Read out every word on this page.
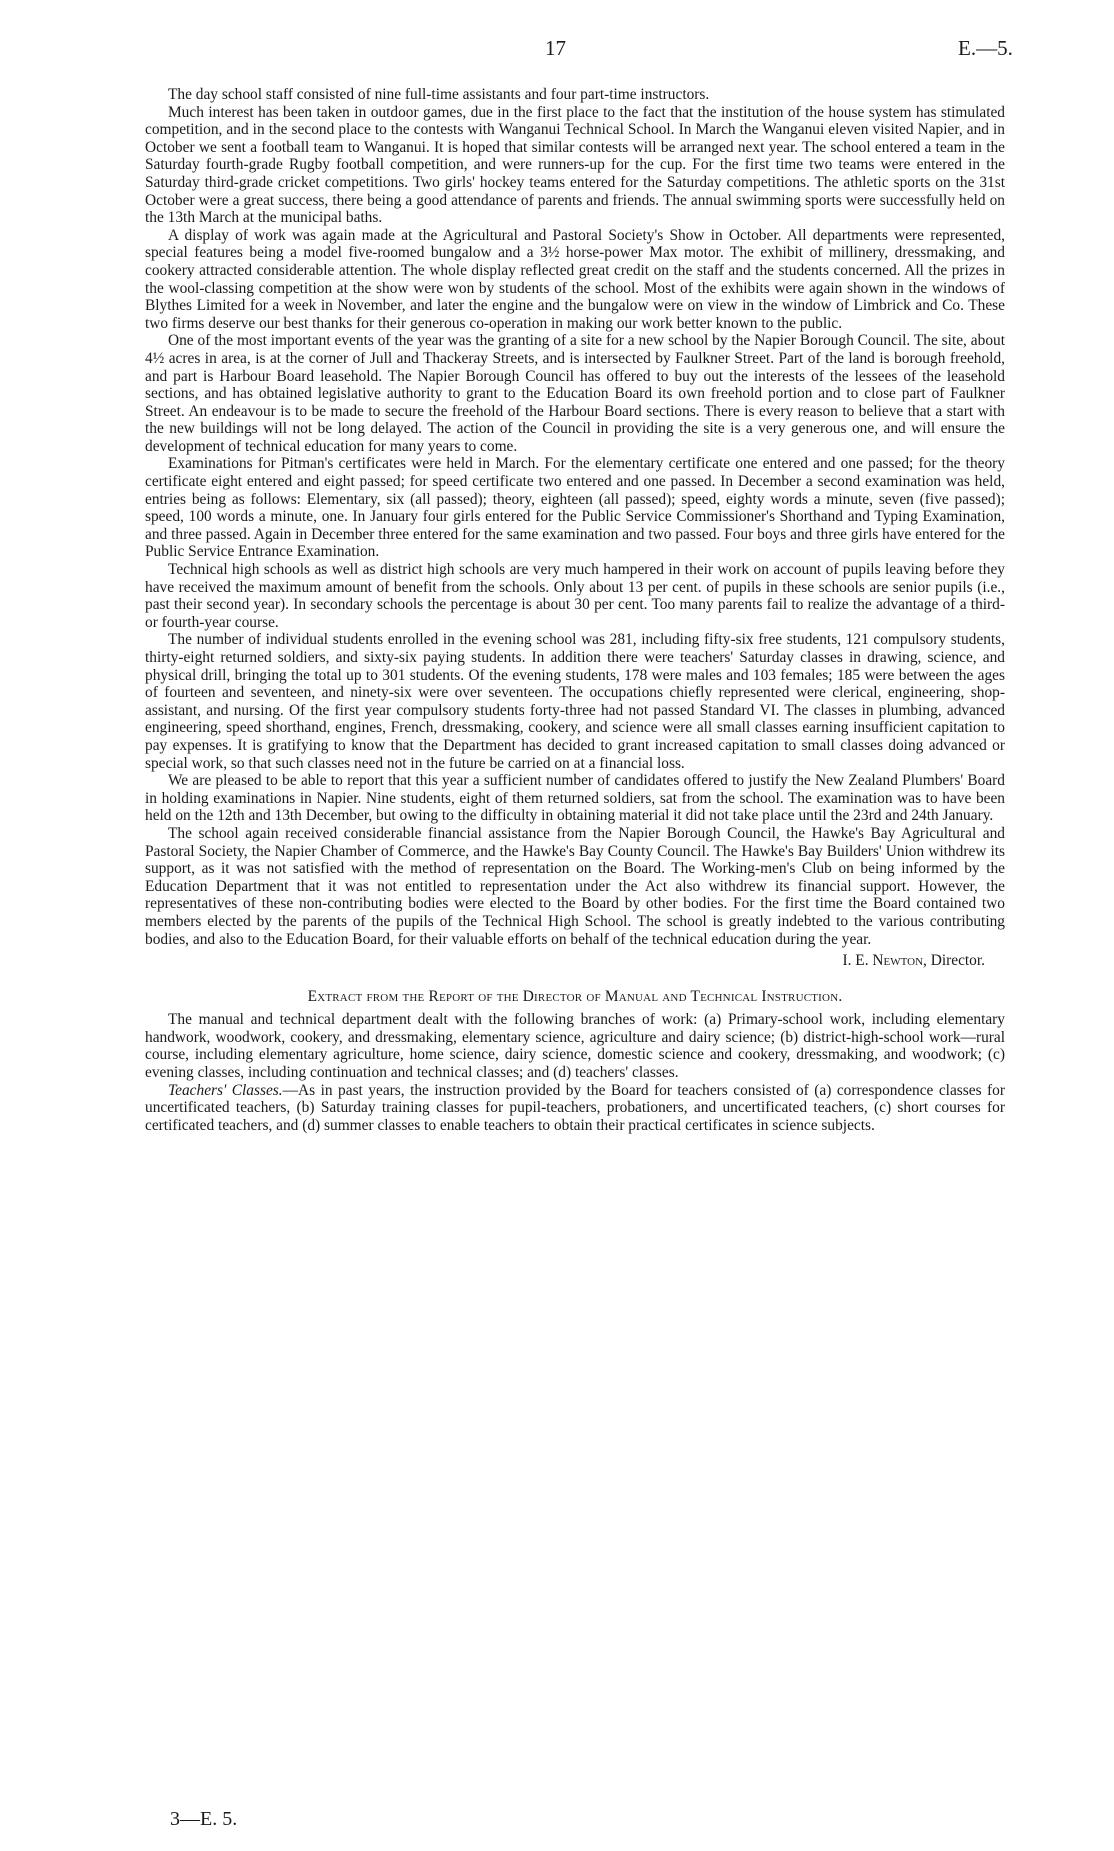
17	E.—5.

The day school staff consisted of nine full-time assistants and four part-time instructors.

Much interest has been taken in outdoor games, due in the first place to the fact that the institution of the house system has stimulated competition, and in the second place to the contests with Wanganui Technical School. In March the Wanganui eleven visited Napier, and in October we sent a football team to Wanganui. It is hoped that similar contests will be arranged next year. The school entered a team in the Saturday fourth-grade Rugby football competition, and were runners-up for the cup. For the first time two teams were entered in the Saturday third-grade cricket competitions. Two girls' hockey teams entered for the Saturday competitions. The athletic sports on the 31st October were a great success, there being a good attendance of parents and friends. The annual swimming sports were successfully held on the 13th March at the municipal baths.

A display of work was again made at the Agricultural and Pastoral Society's Show in October. All departments were represented, special features being a model five-roomed bungalow and a 3½ horse-power Max motor. The exhibit of millinery, dressmaking, and cookery attracted considerable attention. The whole display reflected great credit on the staff and the students concerned. All the prizes in the wool-classing competition at the show were won by students of the school. Most of the exhibits were again shown in the windows of Blythes Limited for a week in November, and later the engine and the bungalow were on view in the window of Limbrick and Co. These two firms deserve our best thanks for their generous co-operation in making our work better known to the public.

One of the most important events of the year was the granting of a site for a new school by the Napier Borough Council. The site, about 4½ acres in area, is at the corner of Jull and Thackeray Streets, and is intersected by Faulkner Street. Part of the land is borough freehold, and part is Harbour Board leasehold. The Napier Borough Council has offered to buy out the interests of the lessees of the leasehold sections, and has obtained legislative authority to grant to the Education Board its own freehold portion and to close part of Faulkner Street. An endeavour is to be made to secure the freehold of the Harbour Board sections. There is every reason to believe that a start with the new buildings will not be long delayed. The action of the Council in providing the site is a very generous one, and will ensure the development of technical education for many years to come.

Examinations for Pitman's certificates were held in March. For the elementary certificate one entered and one passed; for the theory certificate eight entered and eight passed; for speed certificate two entered and one passed. In December a second examination was held, entries being as follows: Elementary, six (all passed); theory, eighteen (all passed); speed, eighty words a minute, seven (five passed); speed, 100 words a minute, one. In January four girls entered for the Public Service Commissioner's Shorthand and Typing Examination, and three passed. Again in December three entered for the same examination and two passed. Four boys and three girls have entered for the Public Service Entrance Examination.

Technical high schools as well as district high schools are very much hampered in their work on account of pupils leaving before they have received the maximum amount of benefit from the schools. Only about 13 per cent. of pupils in these schools are senior pupils (i.e., past their second year). In secondary schools the percentage is about 30 per cent. Too many parents fail to realize the advantage of a third- or fourth-year course.

The number of individual students enrolled in the evening school was 281, including fifty-six free students, 121 compulsory students, thirty-eight returned soldiers, and sixty-six paying students. In addition there were teachers' Saturday classes in drawing, science, and physical drill, bringing the total up to 301 students. Of the evening students, 178 were males and 103 females; 185 were between the ages of fourteen and seventeen, and ninety-six were over seventeen. The occupations chiefly represented were clerical, engineering, shop-assistant, and nursing. Of the first year compulsory students forty-three had not passed Standard VI. The classes in plumbing, advanced engineering, speed shorthand, engines, French, dressmaking, cookery, and science were all small classes earning insufficient capitation to pay expenses. It is gratifying to know that the Department has decided to grant increased capitation to small classes doing advanced or special work, so that such classes need not in the future be carried on at a financial loss.

We are pleased to be able to report that this year a sufficient number of candidates offered to justify the New Zealand Plumbers' Board in holding examinations in Napier. Nine students, eight of them returned soldiers, sat from the school. The examination was to have been held on the 12th and 13th December, but owing to the difficulty in obtaining material it did not take place until the 23rd and 24th January.

The school again received considerable financial assistance from the Napier Borough Council, the Hawke's Bay Agricultural and Pastoral Society, the Napier Chamber of Commerce, and the Hawke's Bay County Council. The Hawke's Bay Builders' Union withdrew its support, as it was not satisfied with the method of representation on the Board. The Working-men's Club on being informed by the Education Department that it was not entitled to representation under the Act also withdrew its financial support. However, the representatives of these non-contributing bodies were elected to the Board by other bodies. For the first time the Board contained two members elected by the parents of the pupils of the Technical High School. The school is greatly indebted to the various contributing bodies, and also to the Education Board, for their valuable efforts on behalf of the technical education during the year.

I. E. Newton, Director.

Extract from the Report of the Director of Manual and Technical Instruction.

The manual and technical department dealt with the following branches of work: (a) Primary-school work, including elementary handwork, woodwork, cookery, and dressmaking, elementary science, agriculture and dairy science; (b) district-high-school work—rural course, including elementary agriculture, home science, dairy science, domestic science and cookery, dressmaking, and woodwork; (c) evening classes, including continuation and technical classes; and (d) teachers' classes.

Teachers' Classes.—As in past years, the instruction provided by the Board for teachers consisted of (a) correspondence classes for uncertificated teachers, (b) Saturday training classes for pupil-teachers, probationers, and uncertificated teachers, (c) short courses for certificated teachers, and (d) summer classes to enable teachers to obtain their practical certificates in science subjects.

3—E. 5.
